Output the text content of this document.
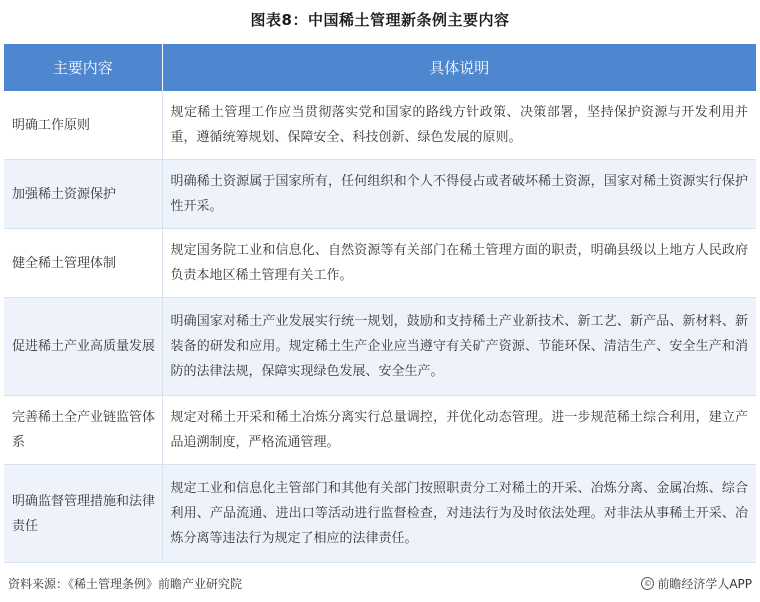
图表8：中国稀土管理新条例主要内容
主要内容	具体说明
明确工作原则	规定稀土管理工作应当贯彻落实党和国家的路线方针政策、决策部署，坚持保护资源与开发利用并重，遵循统筹规划、保障安全、科技创新、绿色发展的原则。
加强稀土资源保护	明确稀土资源属于国家所有，任何组织和个人不得侵占或者破坏稀土资源，国家对稀土资源实行保护性开采。
健全稀土管理体制	规定国务院工业和信息化、自然资源等有关部门在稀土管理方面的职责，明确县级以上地方人民政府负责本地区稀土管理有关工作。
促进稀土产业高质量发展	明确国家对稀土产业发展实行统一规划，鼓励和支持稀土产业新技术、新工艺、新产品、新材料、新装备的研发和应用。规定稀土生产企业应当遵守有关矿产资源、节能环保、清洁生产、安全生产和消防的法律法规，保障实现绿色发展、安全生产。
完善稀土全产业链监管体系	规定对稀土开采和稀土冶炼分离实行总量调控，并优化动态管理。进一步规范稀土综合利用，建立产品追溯制度，严格流通管理。
明确监督管理措施和法律责任	规定工业和信息化主管部门和其他有关部门按照职责分工对稀土的开采、冶炼分离、金属冶炼、综合利用、产品流通、进出口等活动进行监督检查，对违法行为及时依法处理。对非法从事稀土开采、冶炼分离等违法行为规定了相应的法律责任。
资料来源：《稀土管理条例》前瞻产业研究院	© 前瞻经济学人APP
